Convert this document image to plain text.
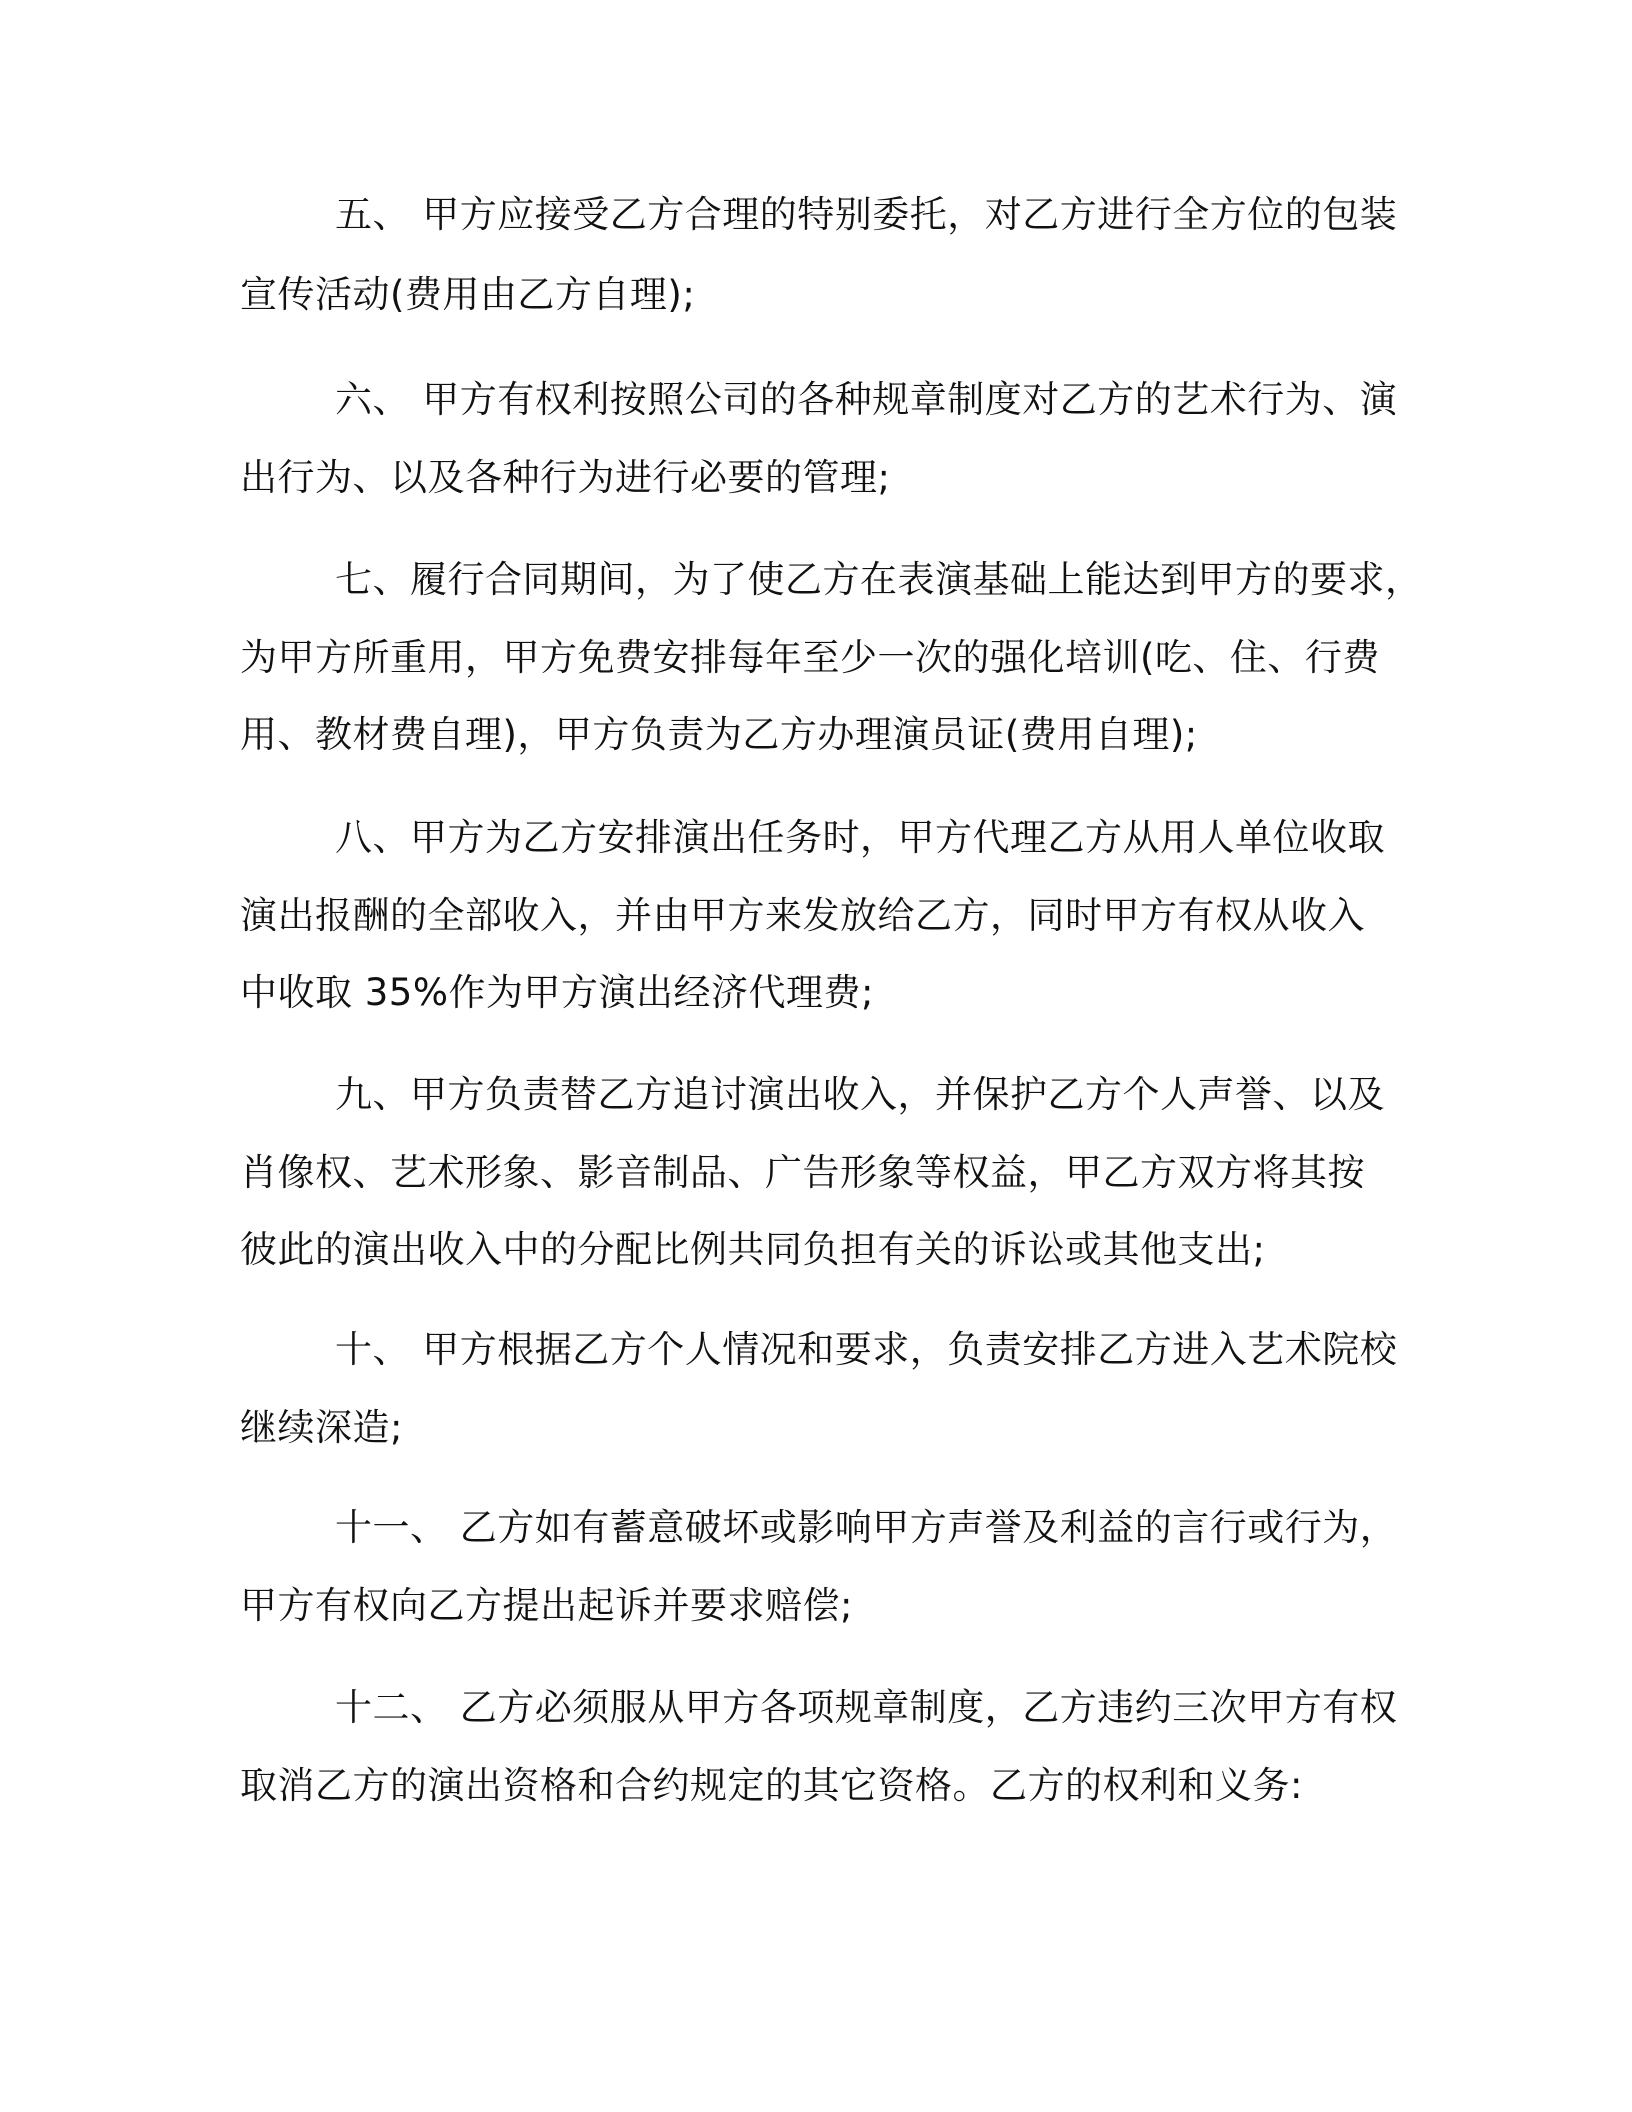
五、 甲方应接受乙方合理的特别委托，对乙方进行全方位的包装
宣传活动(费用由乙方自理);
六、 甲方有权利按照公司的各种规章制度对乙方的艺术行为、演
出行为、以及各种行为进行必要的管理;
七、履行合同期间，为了使乙方在表演基础上能达到甲方的要求，
为甲方所重用，甲方免费安排每年至少一次的强化培训(吃、住、行费
用、教材费自理)，甲方负责为乙方办理演员证(费用自理);
八、甲方为乙方安排演出任务时，甲方代理乙方从用人单位收取
演出报酬的全部收入，并由甲方来发放给乙方，同时甲方有权从收入
中收取 35%作为甲方演出经济代理费;
九、甲方负责替乙方追讨演出收入，并保护乙方个人声誉、以及
肖像权、艺术形象、影音制品、广告形象等权益，甲乙方双方将其按
彼此的演出收入中的分配比例共同负担有关的诉讼或其他支出;
十、 甲方根据乙方个人情况和要求，负责安排乙方进入艺术院校
继续深造;
十一、 乙方如有蓄意破坏或影响甲方声誉及利益的言行或行为，
甲方有权向乙方提出起诉并要求赔偿;
十二、 乙方必须服从甲方各项规章制度，乙方违约三次甲方有权
取消乙方的演出资格和合约规定的其它资格。乙方的权利和义务:
